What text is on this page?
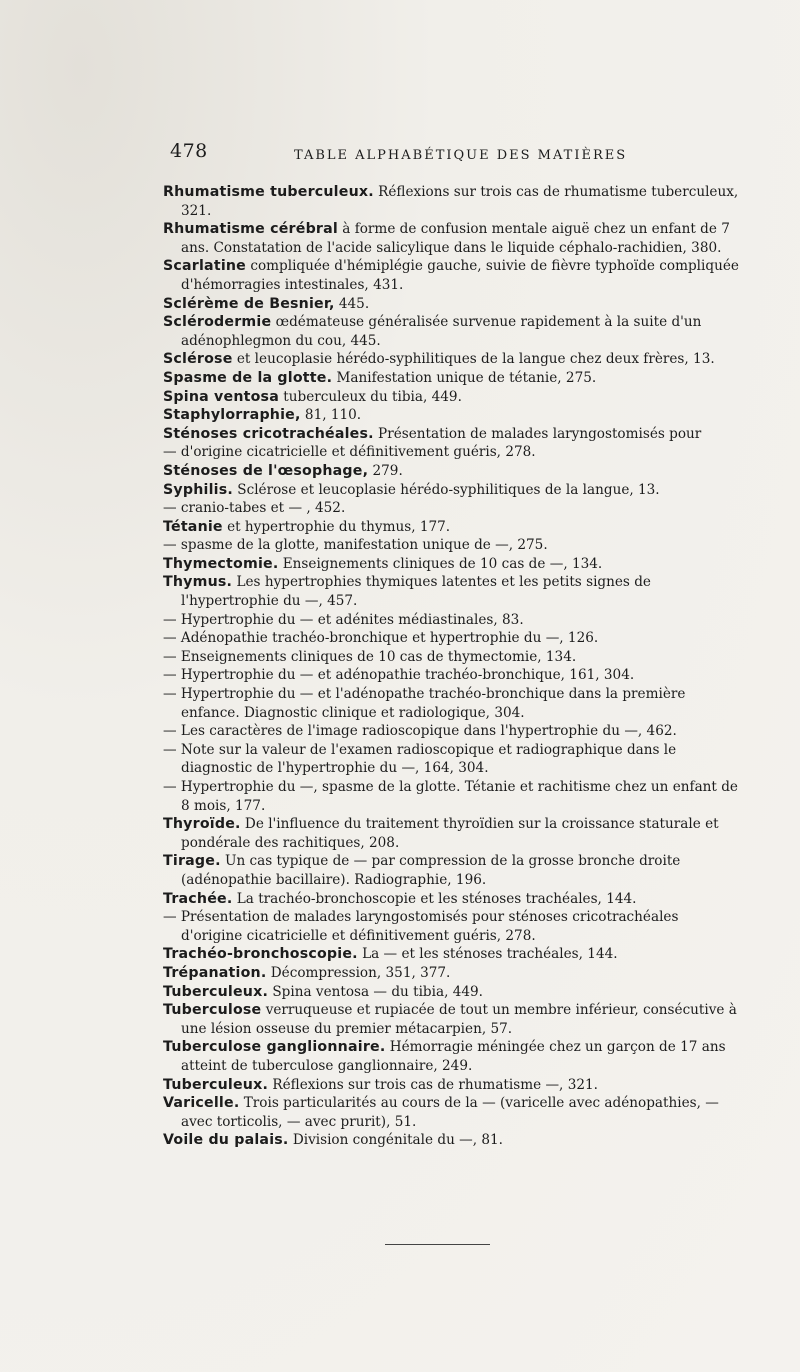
478	TABLE ALPHABÉTIQUE DES MATIÈRES

Rhumatisme tuberculeux. Réflexions sur trois cas de rhumatisme tuberculeux, 321.

Rhumatisme cérébral à forme de confusion mentale aiguë chez un enfant de 7 ans. Constatation de l'acide salicylique dans le liquide céphalo-rachidien, 380.

Scarlatine compliquée d'hémiplégie gauche, suivie de fièvre typhoïde compliquée d'hémorragies intestinales, 431.

Sclérème de Besnier, 445.

Sclérodermie œdémateuse généralisée survenue rapidement à la suite d'un adénophlegmon du cou, 445.

Sclérose et leucoplasie hérédo-syphilitiques de la langue chez deux frères, 13.

Spasme de la glotte. Manifestation unique de tétanie, 275.

Spina ventosa tuberculeux du tibia, 449.

Staphylorraphie, 81, 110.

Sténoses cricotrachéales. Présentation de malades laryngostomisés pour

— d'origine cicatricielle et définitivement guéris, 278.

Sténoses de l'œsophage, 279.

Syphilis. Sclérose et leucoplasie hérédo-syphilitiques de la langue, 13.

— cranio-tabes et — , 452.

Tétanie et hypertrophie du thymus, 177.

— spasme de la glotte, manifestation unique de —, 275.

Thymectomie. Enseignements cliniques de 10 cas de —, 134.

Thymus. Les hypertrophies thymiques latentes et les petits signes de l'hypertrophie du —, 457.

— Hypertrophie du — et adénites médiastinales, 83.

— Adénopathie trachéo-bronchique et hypertrophie du —, 126.

— Enseignements cliniques de 10 cas de thymectomie, 134.

— Hypertrophie du — et adénopathie trachéo-bronchique, 161, 304.

— Hypertrophie du — et l'adénopathe trachéo-bronchique dans la première enfance. Diagnostic clinique et radiologique, 304.

— Les caractères de l'image radioscopique dans l'hypertrophie du —, 462.

— Note sur la valeur de l'examen radioscopique et radiographique dans le diagnostic de l'hypertrophie du —, 164, 304.

— Hypertrophie du —, spasme de la glotte. Tétanie et rachitisme chez un enfant de 8 mois, 177.

Thyroïde. De l'influence du traitement thyroïdien sur la croissance staturale et pondérale des rachitiques, 208.

Tirage. Un cas typique de — par compression de la grosse bronche droite (adénopathie bacillaire). Radiographie, 196.

Trachée. La trachéo-bronchoscopie et les sténoses trachéales, 144.

— Présentation de malades laryngostomisés pour sténoses cricotrachéales d'origine cicatricielle et définitivement guéris, 278.

Trachéo-bronchoscopie. La — et les sténoses trachéales, 144.

Trépanation. Décompression, 351, 377.

Tuberculeux. Spina ventosa — du tibia, 449.

Tuberculose verruqueuse et rupiacée de tout un membre inférieur, consécutive à une lésion osseuse du premier métacarpien, 57.

Tuberculose ganglionnaire. Hémorragie méningée chez un garçon de 17 ans atteint de tuberculose ganglionnaire, 249.

Tuberculeux. Réflexions sur trois cas de rhumatisme —, 321.

Varicelle. Trois particularités au cours de la — (varicelle avec adénopathies, — avec torticolis, — avec prurit), 51.

Voile du palais. Division congénitale du —, 81.
